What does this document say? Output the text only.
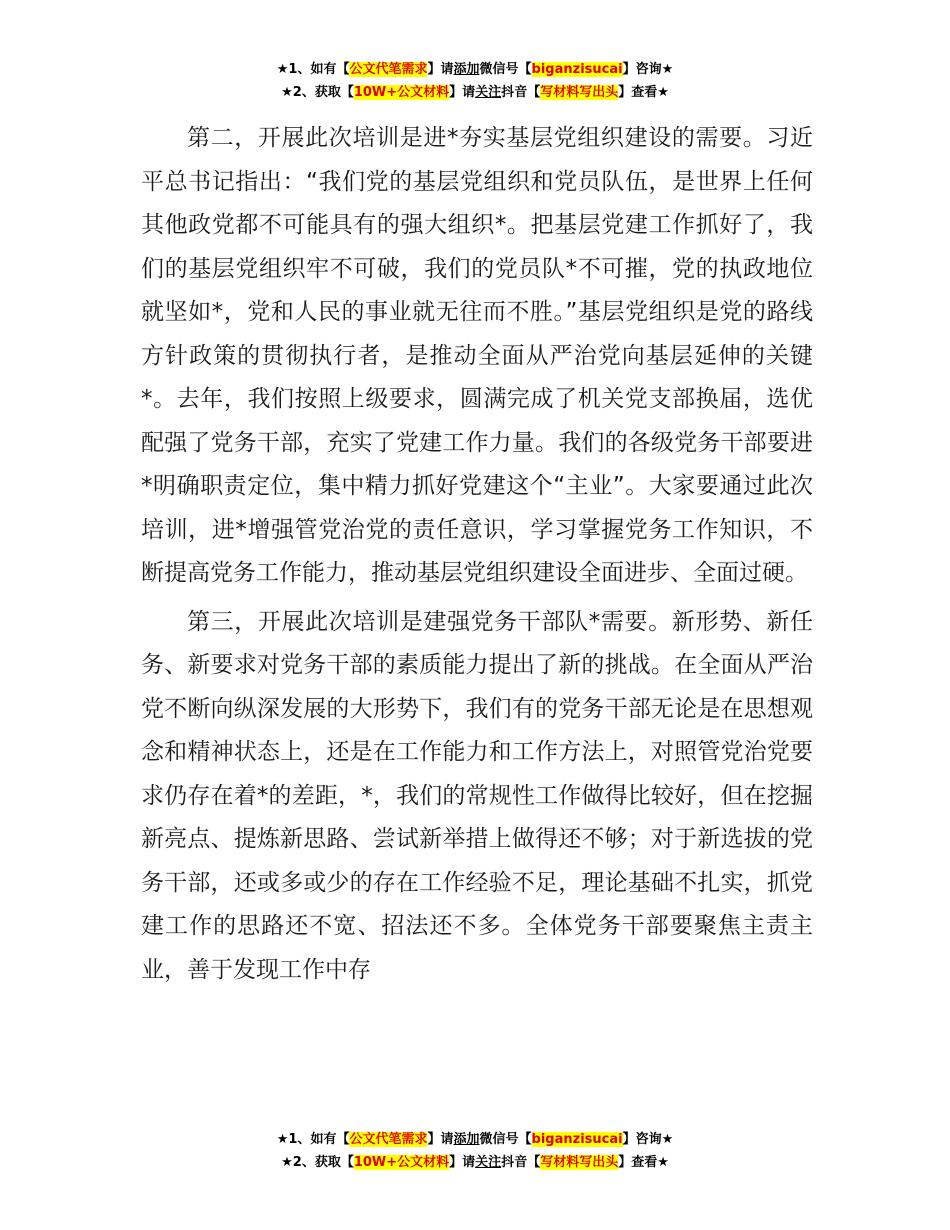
★1、如有【公文代笔需求】请添加微信号【biganzisucai】咨询★
★2、获取【10W+公文材料】请关注抖音【写材料写出头】查看★

第二，开展此次培训是进*夯实基层党组织建设的需要。习近平总书记指出：“我们党的基层党组织和党员队伍，是世界上任何其他政党都不可能具有的强大组织*。把基层党建工作抓好了，我们的基层党组织牢不可破，我们的党员队*不可摧，党的执政地位就坚如*，党和人民的事业就无往而不胜。”基层党组织是党的路线方针政策的贯彻执行者，是推动全面从严治党向基层延伸的关键*。去年，我们按照上级要求，圆满完成了机关党支部换届，选优配强了党务干部，充实了党建工作力量。我们的各级党务干部要进*明确职责定位，集中精力抓好党建这个“主业”。大家要通过此次培训，进*增强管党治党的责任意识，学习掌握党务工作知识，不断提高党务工作能力，推动基层党组织建设全面进步、全面过硬。

第三，开展此次培训是建强党务干部队*需要。新形势、新任务、新要求对党务干部的素质能力提出了新的挑战。在全面从严治党不断向纵深发展的大形势下，我们有的党务干部无论是在思想观念和精神状态上，还是在工作能力和工作方法上，对照管党治党要求仍存在着*的差距，*，我们的常规性工作做得比较好，但在挖掘新亮点、提炼新思路、尝试新举措上做得还不够；对于新选拔的党务干部，还或多或少的存在工作经验不足，理论基础不扎实，抓党建工作的思路还不宽、招法还不多。全体党务干部要聚焦主责主业，善于发现工作中存

★1、如有【公文代笔需求】请添加微信号【biganzisucai】咨询★
★2、获取【10W+公文材料】请关注抖音【写材料写出头】查看★
